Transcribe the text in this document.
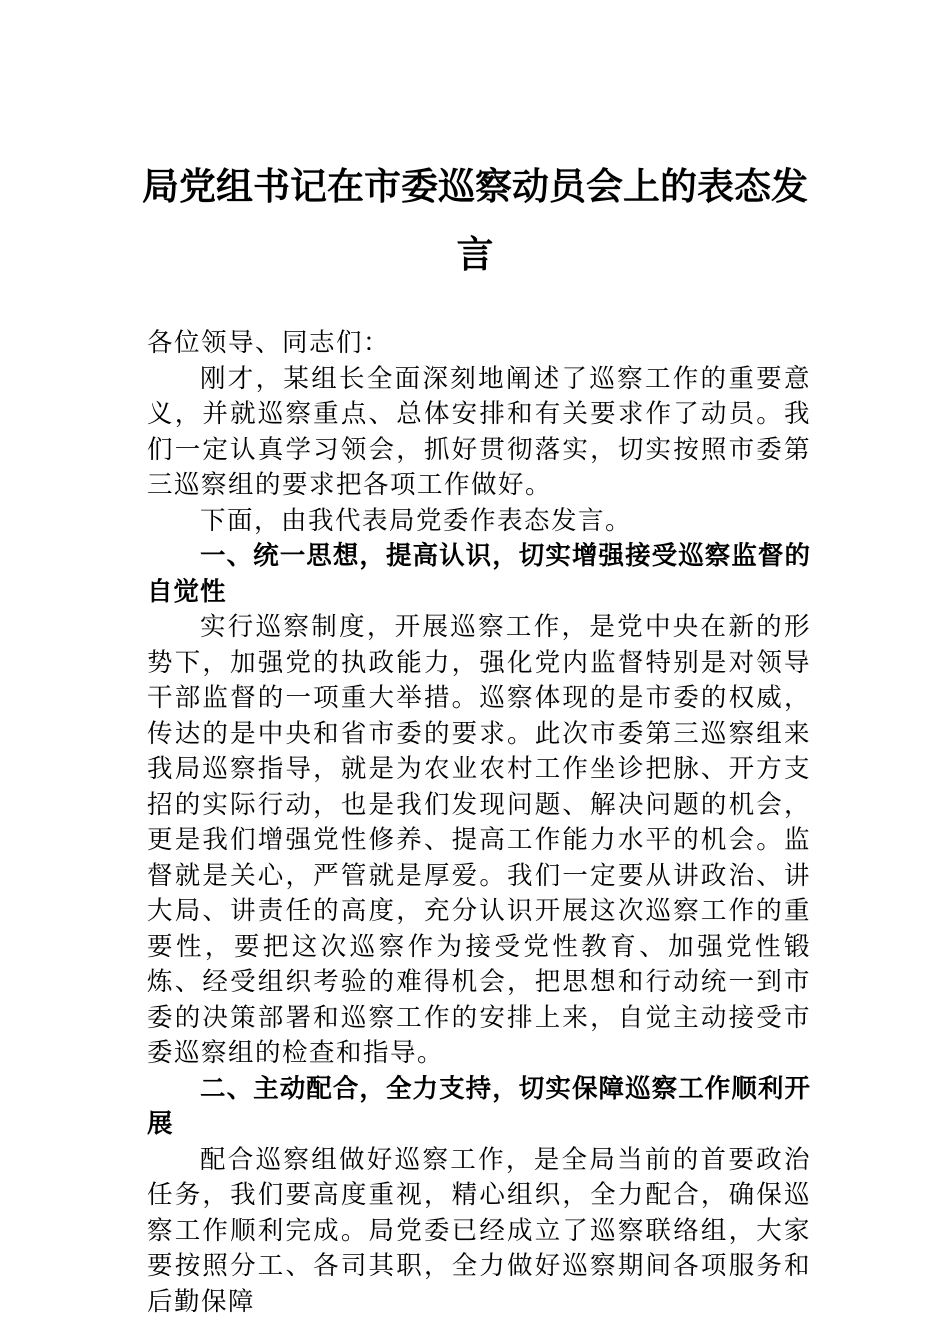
局党组书记在市委巡察动员会上的表态发
言

各位领导、同志们：

刚才，某组长全面深刻地阐述了巡察工作的重要意义，并就巡察重点、总体安排和有关要求作了动员。我们一定认真学习领会，抓好贯彻落实，切实按照市委第三巡察组的要求把各项工作做好。

下面，由我代表局党委作表态发言。

一、统一思想，提高认识，切实增强接受巡察监督的自觉性

实行巡察制度，开展巡察工作，是党中央在新的形势下，加强党的执政能力，强化党内监督特别是对领导干部监督的一项重大举措。巡察体现的是市委的权威，传达的是中央和省市委的要求。此次市委第三巡察组来我局巡察指导，就是为农业农村工作坐诊把脉、开方支招的实际行动，也是我们发现问题、解决问题的机会，更是我们增强党性修养、提高工作能力水平的机会。监督就是关心，严管就是厚爱。我们一定要从讲政治、讲大局、讲责任的高度，充分认识开展这次巡察工作的重要性，要把这次巡察作为接受党性教育、加强党性锻炼、经受组织考验的难得机会，把思想和行动统一到市委的决策部署和巡察工作的安排上来，自觉主动接受市委巡察组的检查和指导。

二、主动配合，全力支持，切实保障巡察工作顺利开展

配合巡察组做好巡察工作，是全局当前的首要政治任务，我们要高度重视，精心组织，全力配合，确保巡察工作顺利完成。局党委已经成立了巡察联络组，大家要按照分工、各司其职，全力做好巡察期间各项服务和后勤保障
